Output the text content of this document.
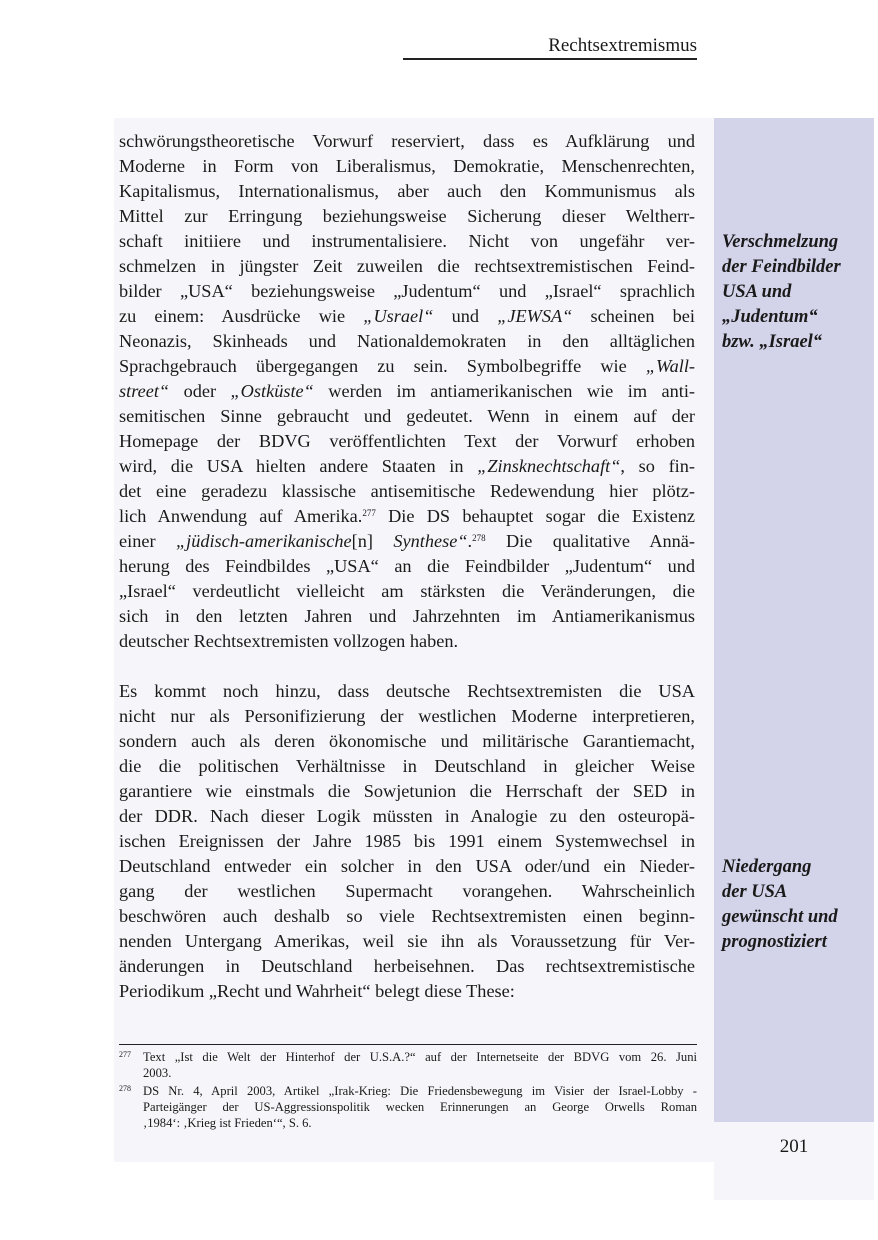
Rechtsextremismus
201
schwörungstheoretische Vorwurf reserviert, dass es Aufklärung und
Moderne in Form von Liberalismus, Demokratie, Menschenrechten,
Kapitalismus, Internationalismus, aber auch den Kommunismus als
Mittel zur Erringung beziehungsweise Sicherung dieser Weltherr-
schaft initiiere und instrumentalisiere. Nicht von ungefähr ver-
schmelzen in jüngster Zeit zuweilen die rechtsextremistischen Feind-
bilder „USA“ beziehungsweise „Judentum“ und „Israel“ sprachlich
zu einem: Ausdrücke wie „Usrael“ und „JEWSA“ scheinen bei
Neonazis, Skinheads und Nationaldemokraten in den alltäglichen
Sprachgebrauch übergegangen zu sein. Symbolbegriffe wie „Wall-
street“ oder „Ostküste“ werden im antiamerikanischen wie im anti-
semitischen Sinne gebraucht und gedeutet. Wenn in einem auf der
Homepage der BDVG veröffentlichten Text der Vorwurf erhoben
wird, die USA hielten andere Staaten in „Zinsknechtschaft“, so fin-
det eine geradezu klassische antisemitische Redewendung hier plötz-
lich Anwendung auf Amerika.$^{277}$ Die DS behauptet sogar die Existenz
einer „jüdisch-amerikanische[n] Synthese“.$^{278}$ Die qualitative Annä-
herung des Feindbildes „USA“ an die Feindbilder „Judentum“ und
„Israel“ verdeutlicht vielleicht am stärksten die Veränderungen, die
sich in den letzten Jahren und Jahrzehnten im Antiamerikanismus
deutscher Rechtsextremisten vollzogen haben.
Es kommt noch hinzu, dass deutsche Rechtsextremisten die USA
nicht nur als Personifizierung der westlichen Moderne interpretieren,
sondern auch als deren ökonomische und militärische Garantiemacht,
die die politischen Verhältnisse in Deutschland in gleicher Weise
garantiere wie einstmals die Sowjetunion die Herrschaft der SED in
der DDR. Nach dieser Logik müssten in Analogie zu den osteuropä-
ischen Ereignissen der Jahre 1985 bis 1991 einem Systemwechsel in
Deutschland entweder ein solcher in den USA oder/und ein Nieder-
gang der westlichen Supermacht vorangehen. Wahrscheinlich
beschwören auch deshalb so viele Rechtsextremisten einen beginn-
nenden Untergang Amerikas, weil sie ihn als Voraussetzung für Ver-
änderungen in Deutschland herbeisehnen. Das rechtsextremistische
Periodikum „Recht und Wahrheit“ belegt diese These:
Verschmelzung
der Feindbilder
USA und
„Judentum“
bzw. „Israel“
Niedergang
der USA
gewünscht und
prognostiziert
277 Text „Ist die Welt der Hinterhof der U.S.A.?“ auf der Internetseite der BDVG vom 26. Juni
2003.
278 DS Nr. 4, April 2003, Artikel „Irak-Krieg: Die Friedensbewegung im Visier der Israel-Lobby -
Parteigänger der US-Aggressionspolitik wecken Erinnerungen an George Orwells Roman
‚1984‘: ‚Krieg ist Frieden‘“, S. 6.
